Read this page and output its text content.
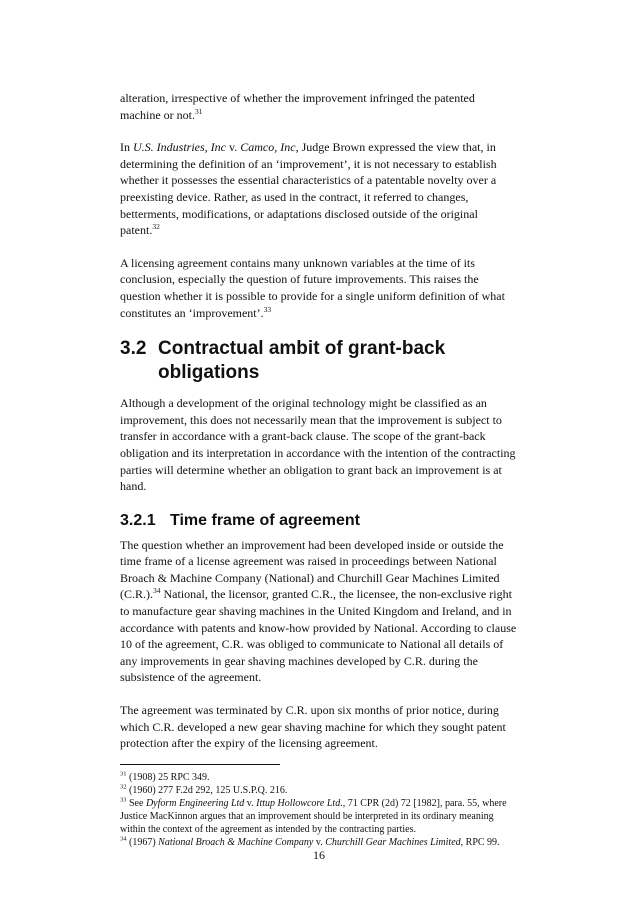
alteration, irrespective of whether the improvement infringed the patented machine or not.$^{31}$

In U.S. Industries, Inc v. Camco, Inc, Judge Brown expressed the view that, in determining the definition of an ‘improvement’, it is not necessary to establish whether it possesses the essential characteristics of a patentable novelty over a preexisting device. Rather, as used in the contract, it referred to changes, betterments, modifications, or adaptations disclosed outside of the original patent.$^{32}$

A licensing agreement contains many unknown variables at the time of its conclusion, especially the question of future improvements. This raises the question whether it is possible to provide for a single uniform definition of what constitutes an ‘improvement’.$^{33}$

3.2 Contractual ambit of grant-back obligations

Although a development of the original technology might be classified as an improvement, this does not necessarily mean that the improvement is subject to transfer in accordance with a grant-back clause. The scope of the grant-back obligation and its interpretation in accordance with the intention of the contracting parties will determine whether an obligation to grant back an improvement is at hand.

3.2.1 Time frame of agreement

The question whether an improvement had been developed inside or outside the time frame of a license agreement was raised in proceedings between National Broach & Machine Company (National) and Churchill Gear Machines Limited (C.R.).$^{34}$ National, the licensor, granted C.R., the licensee, the non-exclusive right to manufacture gear shaving machines in the United Kingdom and Ireland, and in accordance with patents and know-how provided by National. According to clause 10 of the agreement, C.R. was obliged to communicate to National all details of any improvements in gear shaving machines developed by C.R. during the subsistence of the agreement.

The agreement was terminated by C.R. upon six months of prior notice, during which C.R. developed a new gear shaving machine for which they sought patent protection after the expiry of the licensing agreement.

$^{31}$ (1908) 25 RPC 349.

$^{32}$ (1960) 277 F.2d 292, 125 U.S.P.Q. 216.

$^{33}$ See Dyform Engineering Ltd v. Ittup Hollowcore Ltd., 71 CPR (2d) 72 [1982], para. 55, where Justice MacKinnon argues that an improvement should be interpreted in its ordinary meaning within the context of the agreement as intended by the contracting parties.

$^{34}$ (1967) National Broach & Machine Company v. Churchill Gear Machines Limited, RPC 99.

16
